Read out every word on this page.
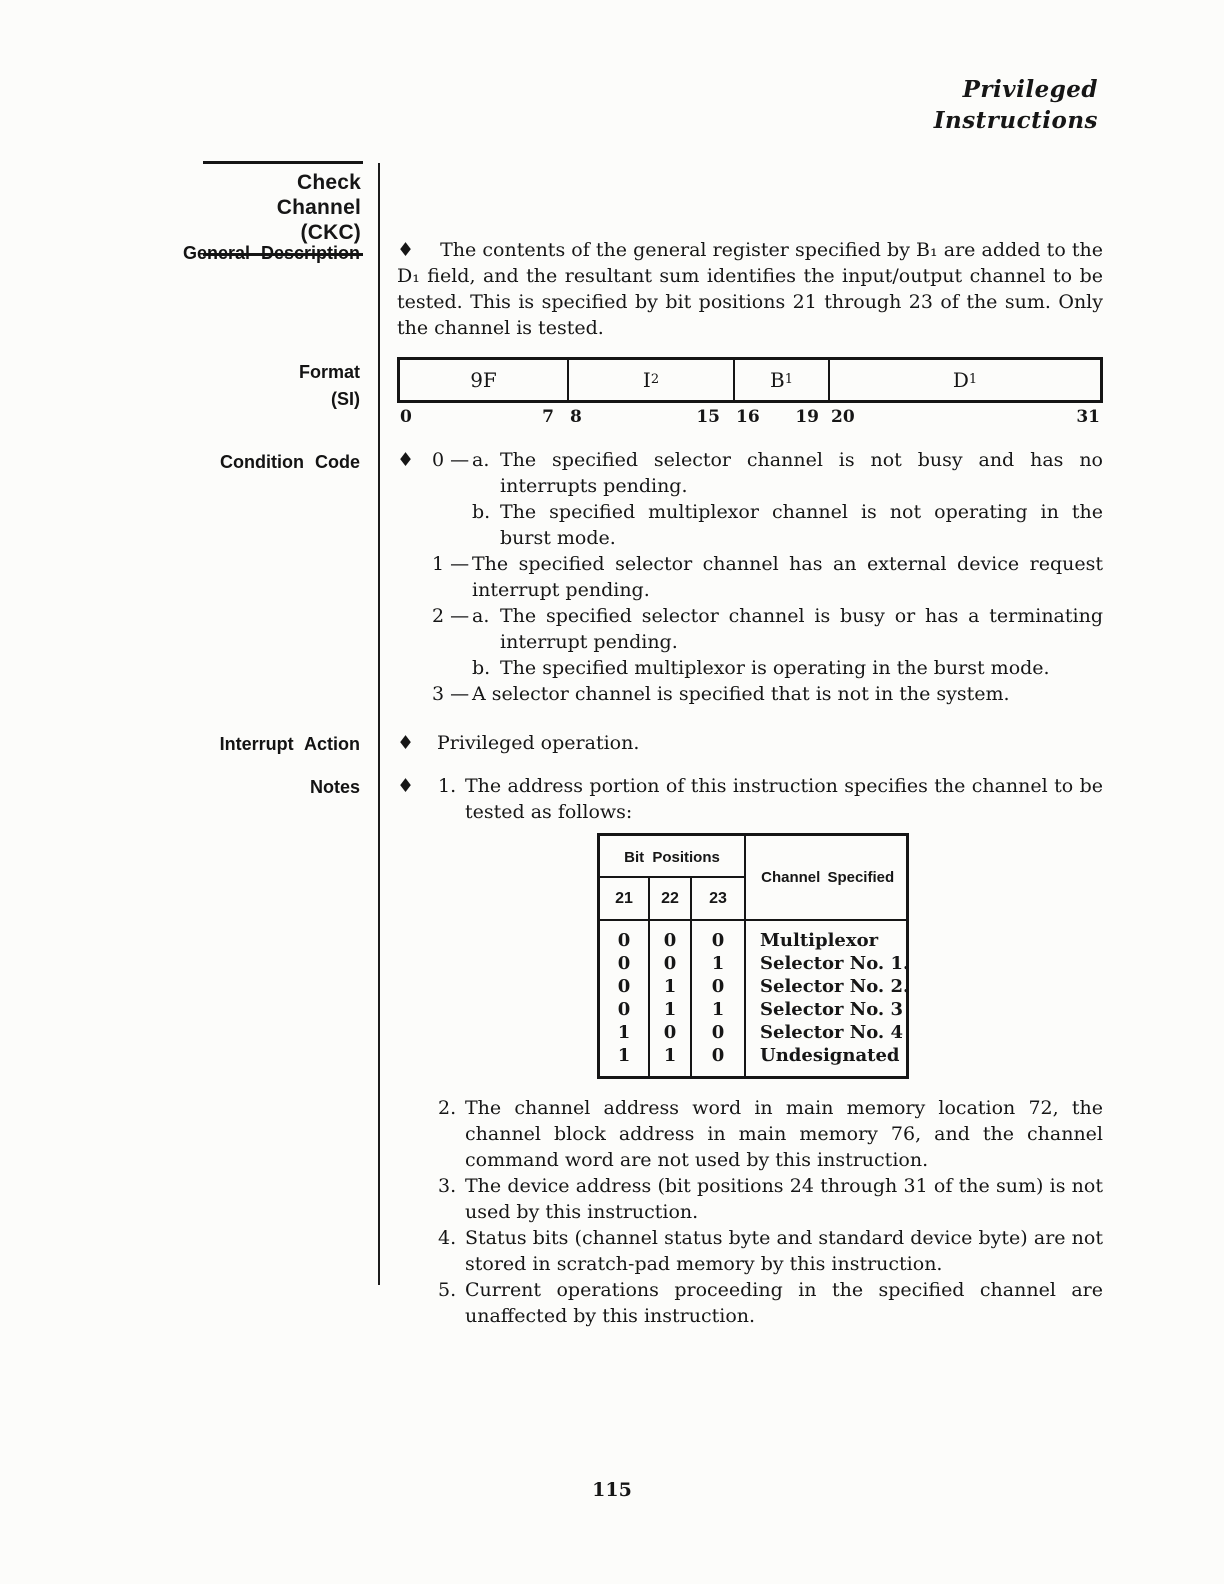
Privileged
Instructions
Check Channel
(CKC)
General Description
Format
(SI)
Condition Code
Interrupt Action
Notes
♦ The contents of the general register specified by B₁ are added to the D₁ field, and the resultant sum identifies the input/output channel to be tested. This is specified by bit positions 21 through 23 of the sum. Only the channel is tested.
9F	I 2	B 1	D 1
0	7 8	15 16 19 20	31
♦ 0 — a. The specified selector channel is not busy and has no interrupts pending.
b. The specified multiplexor channel is not operating in the burst mode.
1 — The specified selector channel has an external device request interrupt pending.
2 — a. The specified selector channel is busy or has a terminating interrupt pending.
b. The specified multiplexor is operating in the burst mode.
3 — A selector channel is specified that is not in the system.
♦	Privileged operation.
♦	1. The address portion of this instruction specifies the channel to be tested as follows:
Bit Positions
Channel Specified
21	22	23
0	0	0	Multiplexor
0	0	1	Selector No. 1.
0	1	0	Selector No. 2.
0	1	1	Selector No. 3
1	0	0	Selector No. 4
1	1	0	Undesignated
2. The channel address word in main memory location 72, the channel block address in main memory 76, and the channel command word are not used by this instruction.
3. The device address (bit positions 24 through 31 of the sum) is not used by this instruction.
4. Status bits (channel status byte and standard device byte) are not stored in scratch-pad memory by this instruction.
5. Current operations proceeding in the specified channel are unaffected by this instruction.
115
